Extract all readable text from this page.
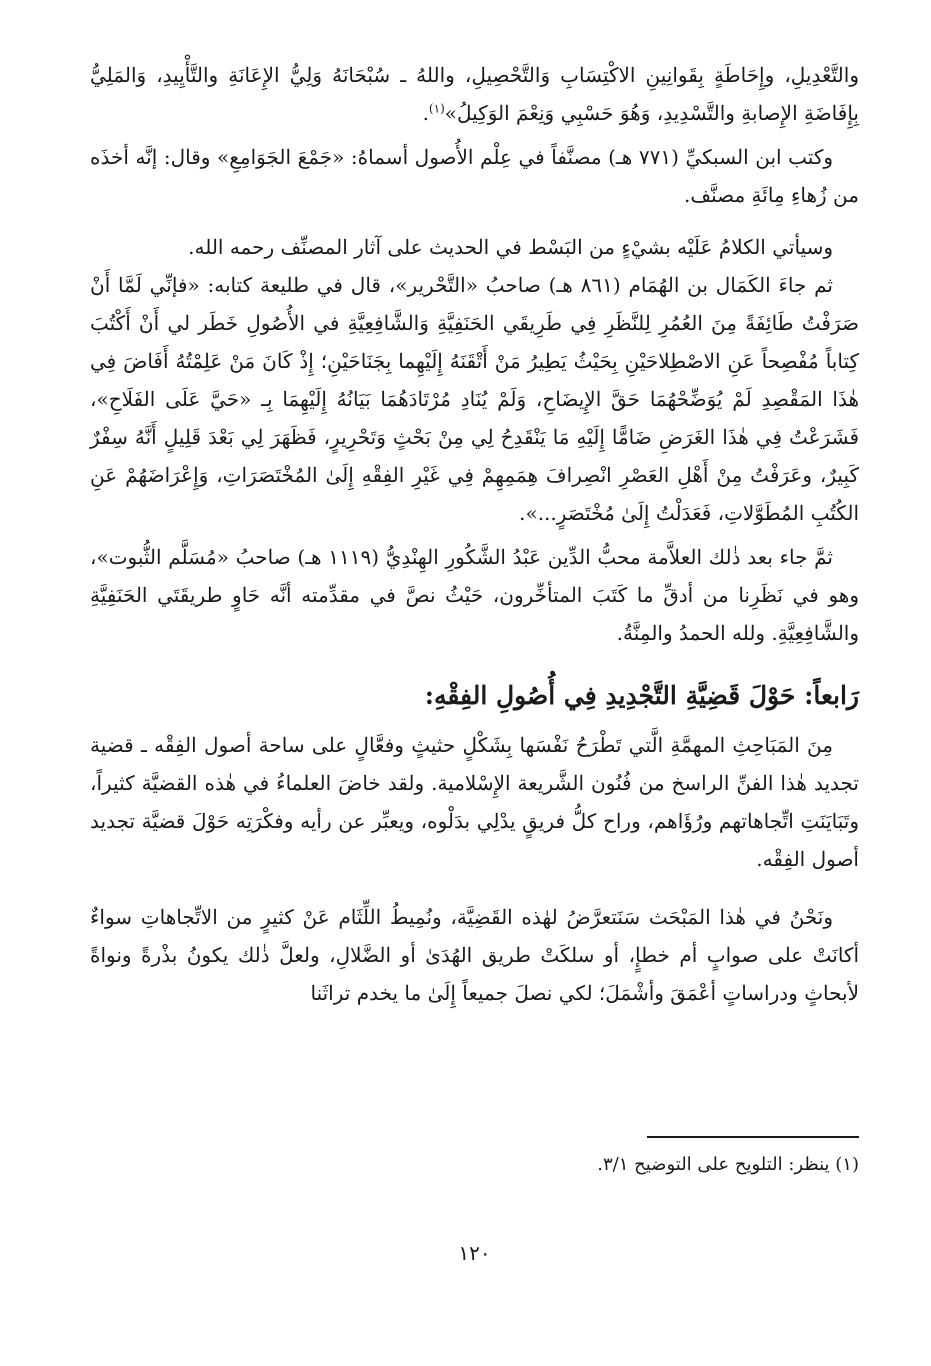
والتَّعْدِيلِ، وإِحَاطَةٍ بِقَوانِينِ الاكْتِسَابِ وَالتَّحْصِيلِ، واللهُ ـ سُبْحَانَهُ وَلِيُّ الإِعَانَةِ والتَّأْيِيدِ، وَالمَلِيُّ بِإِفَاضَةِ الإِصابةِ والتَّسْدِيدِ، وَهُوَ حَسْبِي وَنِعْمَ الوَكِيلُ»$^{(١)}$.

وكتب ابن السبكيِّ (٧٧١ هـ) مصنَّفاً في عِلْم الأُصول أسماهُ: «جَمْعَ الجَوَامِعِ» وقال: إنَّه أخذَه من زُهاءِ مِائَةِ مصنَّف.

وسيأتي الكلامُ عَلَيْه بشيْءٍ من البَسْط في الحديث على آثار المصنِّف رحمه الله.

ثم جاءَ الكَمَال بن الهُمَام (٨٦١ هـ) صاحبُ «التَّحْرير»، قال في طليعة كتابه: «فإنِّي لَمَّا أَنْ صَرَفْتُ طَائِفَةً مِنَ العُمُرِ لِلنَّظَرِ فِي طَرِيقَي الحَنَفِيَّةِ وَالشَّافِعِيَّةِ في الأُصُولِ خَطَر لي أَنْ أَكْتُبَ كِتاباً مُفْصِحاً عَنِ الاصْطِلاحَيْنِ بِحَيْثُ يَطِيرُ مَنْ أَتْقَنَهُ إِلَيْهِما بِجَنَاحَيْنِ؛ إِذْ كَانَ مَنْ عَلِمْتُهُ أَفَاضَ فِي هٰذَا المَقْصِدِ لَمْ يُوَضِّحْهُمَا حَقَّ الإِيضَاحِ، وَلَمْ يُنَادِ مُرْتَادَهُمَا بَيَانُهُ إِلَيْهِمَا بِـ «حَيَّ عَلَى الفَلَاحِ»، فَشَرَعْتُ فِي هٰذَا الغَرَضِ ضَامًّا إِلَيْهِ مَا يَنْقَدِحُ لِي مِنْ بَحْثٍ وَتَحْرِيرٍ، فَظَهَرَ لِي بَعْدَ قَلِيلٍ أَنَّهُ سِفْرٌ كَبِيرٌ، وعَرَفْتُ مِنْ أَهْلِ العَصْرِ انْصِرافَ هِمَمِهِمْ فِي غَيْرِ الفِقْهِ إِلَىٰ المُخْتَصَرَاتِ، وَإِعْرَاضَهُمْ عَنِ الكُتُبِ المُطَوَّلاتِ، فَعَدَلْتُ إِلَىٰ مُخْتَصَرٍ...».

ثمَّ جاء بعد ذٰلك العلاَّمة محبُّ الدِّين عَبْدُ الشَّكُورِ الهِنْدِيُّ (١١١٩ هـ) صاحبُ «مُسَلَّم الثُّبوت»، وهو في نَظَرِنا من أدقِّ ما كَتَبَ المتأخِّرون، حَيْثُ نصَّ في مقدِّمته أنَّه حَاوٍ طريقَتَي الحَنَفِيَّةِ والشَّافِعِيَّةِ. ولله الحمدُ والمِنَّةُ.

رَابعاً: حَوْلَ قَضِيَّةِ التَّجْدِيدِ فِي أُصُولِ الفِقْهِ:

مِنَ المَبَاحِثِ المهمَّةِ الَّتي تَطْرَحُ نَفْسَها بِشَكْلٍ حثيثٍ وفعَّالٍ على ساحة أصول الفِقْه ـ قضية تجديد هٰذا الفنِّ الراسخ من فُنُون الشَّريعة الإِسْلامية. ولقد خاضَ العلماءُ في هٰذه القضيَّة كثيراً، وتَبَايَنَتِ اتِّجاهاتهم ورُؤَاهم، وراح كلُّ فريقٍ يدْلِي بدَلْوه، ويعبِّر عن رأيه وفكْرَتِه حَوْلَ قضيَّة تجديد أصول الفِقْه.

ونَحْنُ في هٰذا المَبْحَث سَنَتعرَّضُ لهٰذه القَضِيَّة، ونُمِيطُ اللِّثَام عَنْ كثيرٍ من الاتِّجاهاتِ سواءٌ أكانَتْ على صوابٍ أم خطإٍ، أو سلكَتْ طريق الهُدَىٰ أو الضَّلالِ، ولعلَّ ذٰلك يكونُ بذْرةً ونواةً لأبحاثٍ ودراساتٍ أعْمَقَ وأشْمَلَ؛ لكي نصلَ جميعاً إِلَىٰ ما يخدم تراثَنا

(١) ينظر: التلويح على التوضيح ٣/١.

١٢٠
